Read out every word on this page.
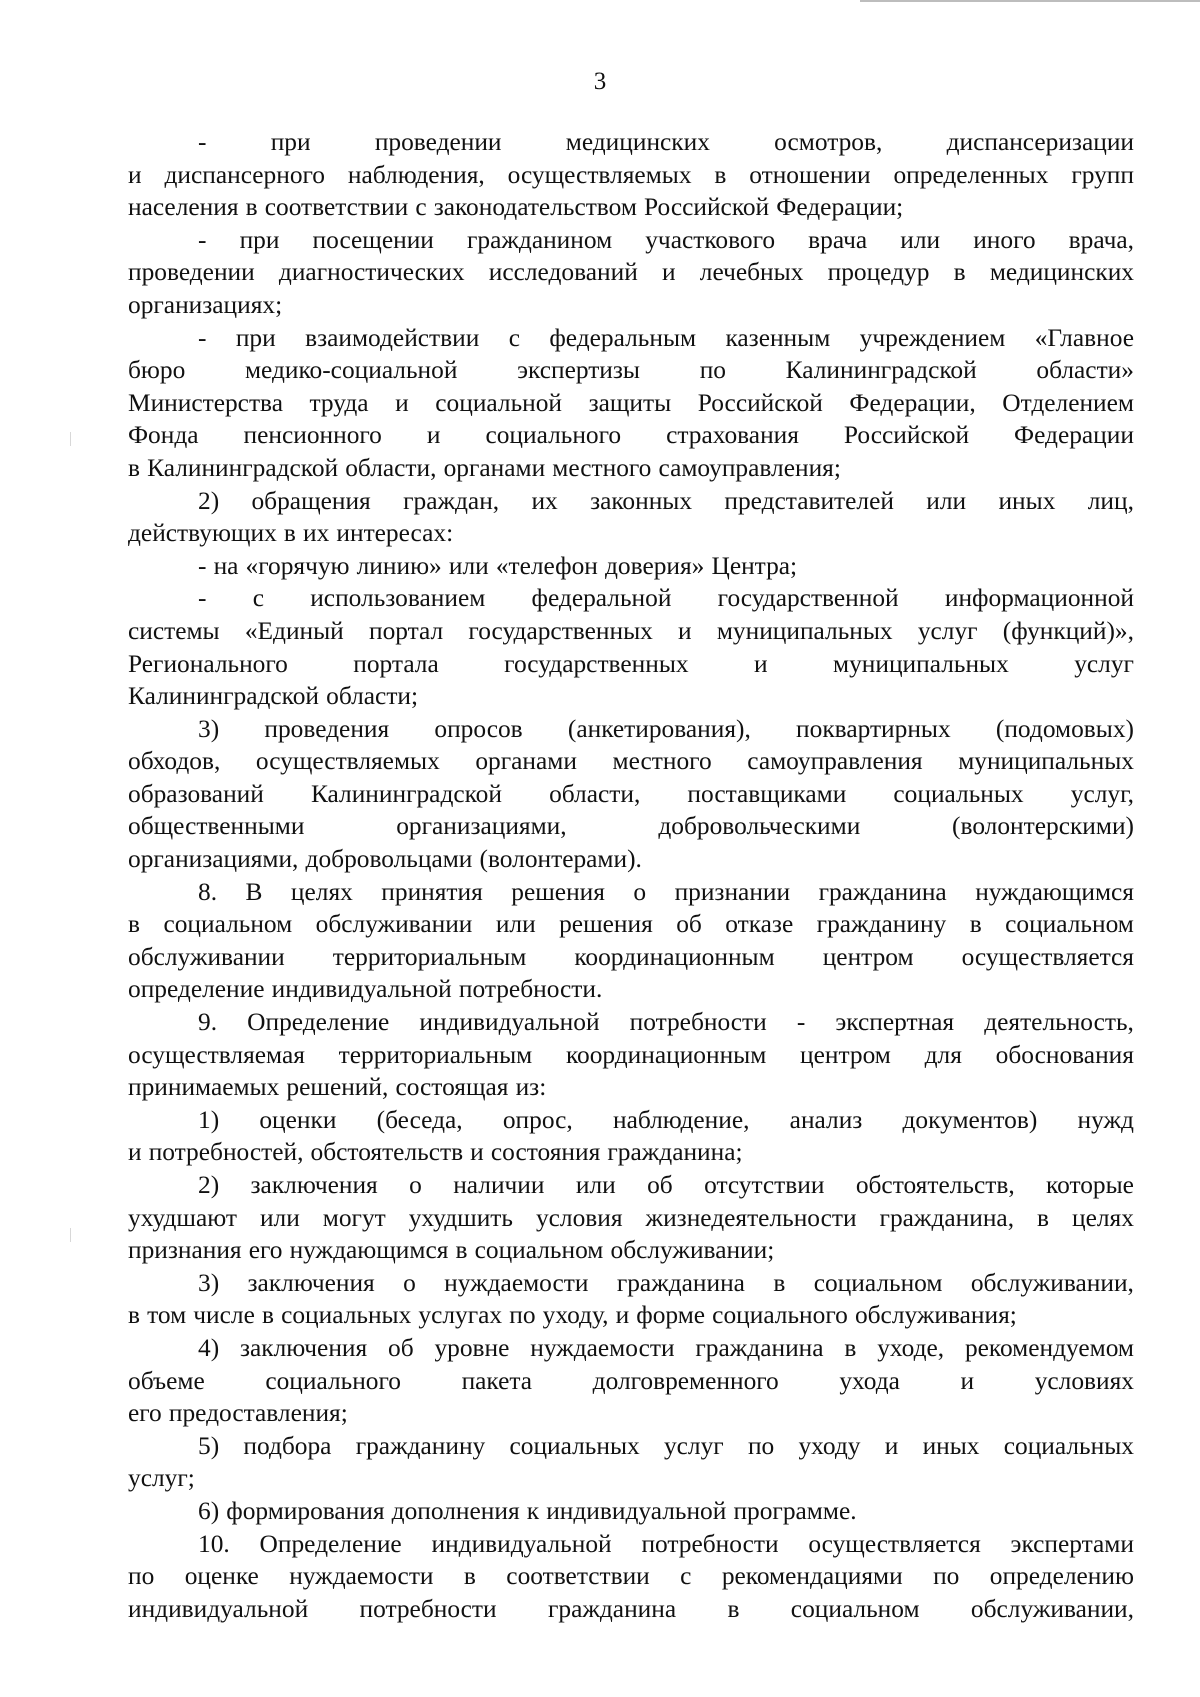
3
-	при	проведении	медицинских	осмотров,	диспансеризации
и диспансерного наблюдения, осуществляемых в отношении определенных групп
населения в соответствии с законодательством Российской Федерации;
- при посещении гражданином участкового врача или иного врача,
проведении диагностических исследований и лечебных процедур в медицинских
организациях;
- при взаимодействии с федеральным казенным учреждением «Главное
бюро медико-социальной экспертизы по Калининградской области»
Министерства труда и социальной защиты Российской Федерации, Отделением
Фонда пенсионного и социального страхования Российской Федерации
в Калининградской области, органами местного самоуправления;
2) обращения граждан, их законных представителей или иных лиц,
действующих в их интересах:
- на «горячую линию» или «телефон доверия» Центра;
- с использованием федеральной государственной информационной
системы «Единый портал государственных и муниципальных услуг (функций)»,
Регионального	портала	государственных	и	муниципальных	услуг
Калининградской области;
3) проведения опросов (анкетирования), поквартирных (подомовых)
обходов, осуществляемых органами местного самоуправления муниципальных
образований Калининградской области, поставщиками социальных услуг,
общественными	организациями,	добровольческими	(волонтерскими)
организациями, добровольцами (волонтерами).
8. В целях принятия решения о признании гражданина нуждающимся
в социальном обслуживании или решения об отказе гражданину в социальном
обслуживании территориальным координационным центром осуществляется
определение индивидуальной потребности.
9. Определение индивидуальной потребности - экспертная деятельность,
осуществляемая территориальным координационным центром для обоснования
принимаемых решений, состоящая из:
1) оценки (беседа, опрос, наблюдение, анализ документов) нужд
и потребностей, обстоятельств и состояния гражданина;
2) заключения о наличии или об отсутствии обстоятельств, которые
ухудшают или могут ухудшить условия жизнедеятельности гражданина, в целях
признания его нуждающимся в социальном обслуживании;
3) заключения о нуждаемости гражданина в социальном обслуживании,
в том числе в социальных услугах по уходу, и форме социального обслуживания;
4) заключения об уровне нуждаемости гражданина в уходе, рекомендуемом
объеме социального пакета долговременного ухода и условиях
его предоставления;
5) подбора гражданину социальных услуг по уходу и иных социальных
услуг;
6) формирования дополнения к индивидуальной программе.
10. Определение индивидуальной потребности осуществляется экспертами
по оценке нуждаемости в соответствии с рекомендациями по определению
индивидуальной потребности гражданина в социальном обслуживании,
